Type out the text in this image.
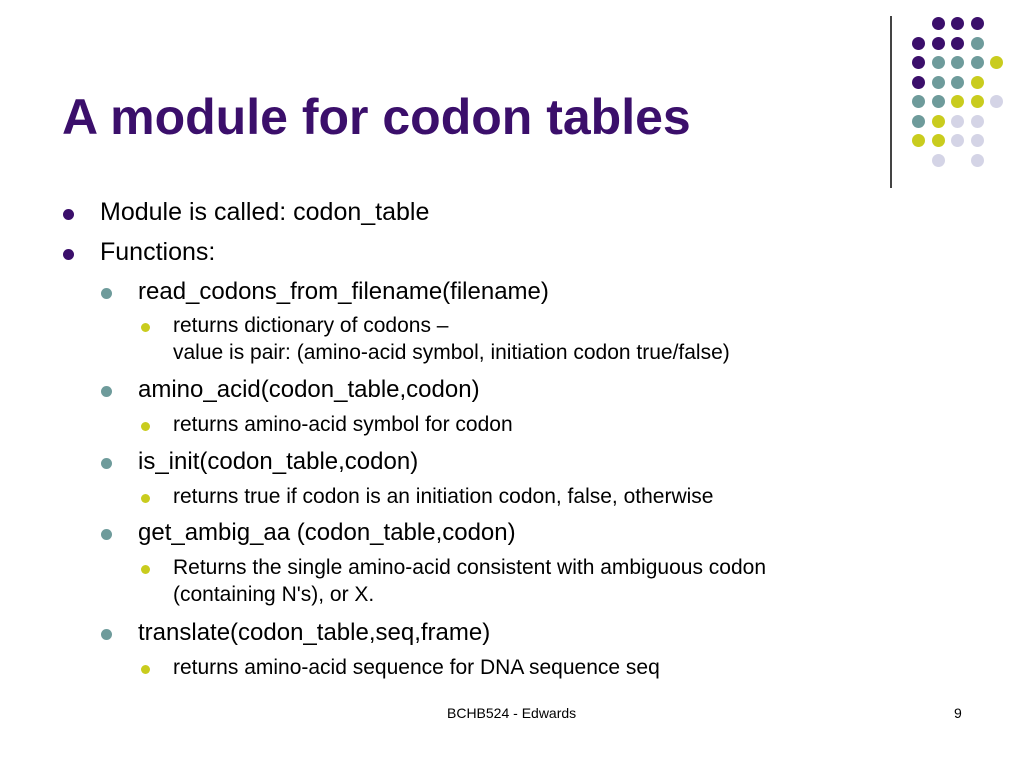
A module for codon tables
Module is called: codon_table
Functions:
read_codons_from_filename(filename)
returns dictionary of codons –
value is pair: (amino-acid symbol, initiation codon true/false)
amino_acid(codon_table,codon)
returns amino-acid symbol for codon
is_init(codon_table,codon)
returns true if codon is an initiation codon, false, otherwise
get_ambig_aa (codon_table,codon)
Returns the single amino-acid consistent with ambiguous codon
(containing N's), or X.
translate(codon_table,seq,frame)
returns amino-acid sequence for DNA sequence seq
BCHB524 - Edwards	9
